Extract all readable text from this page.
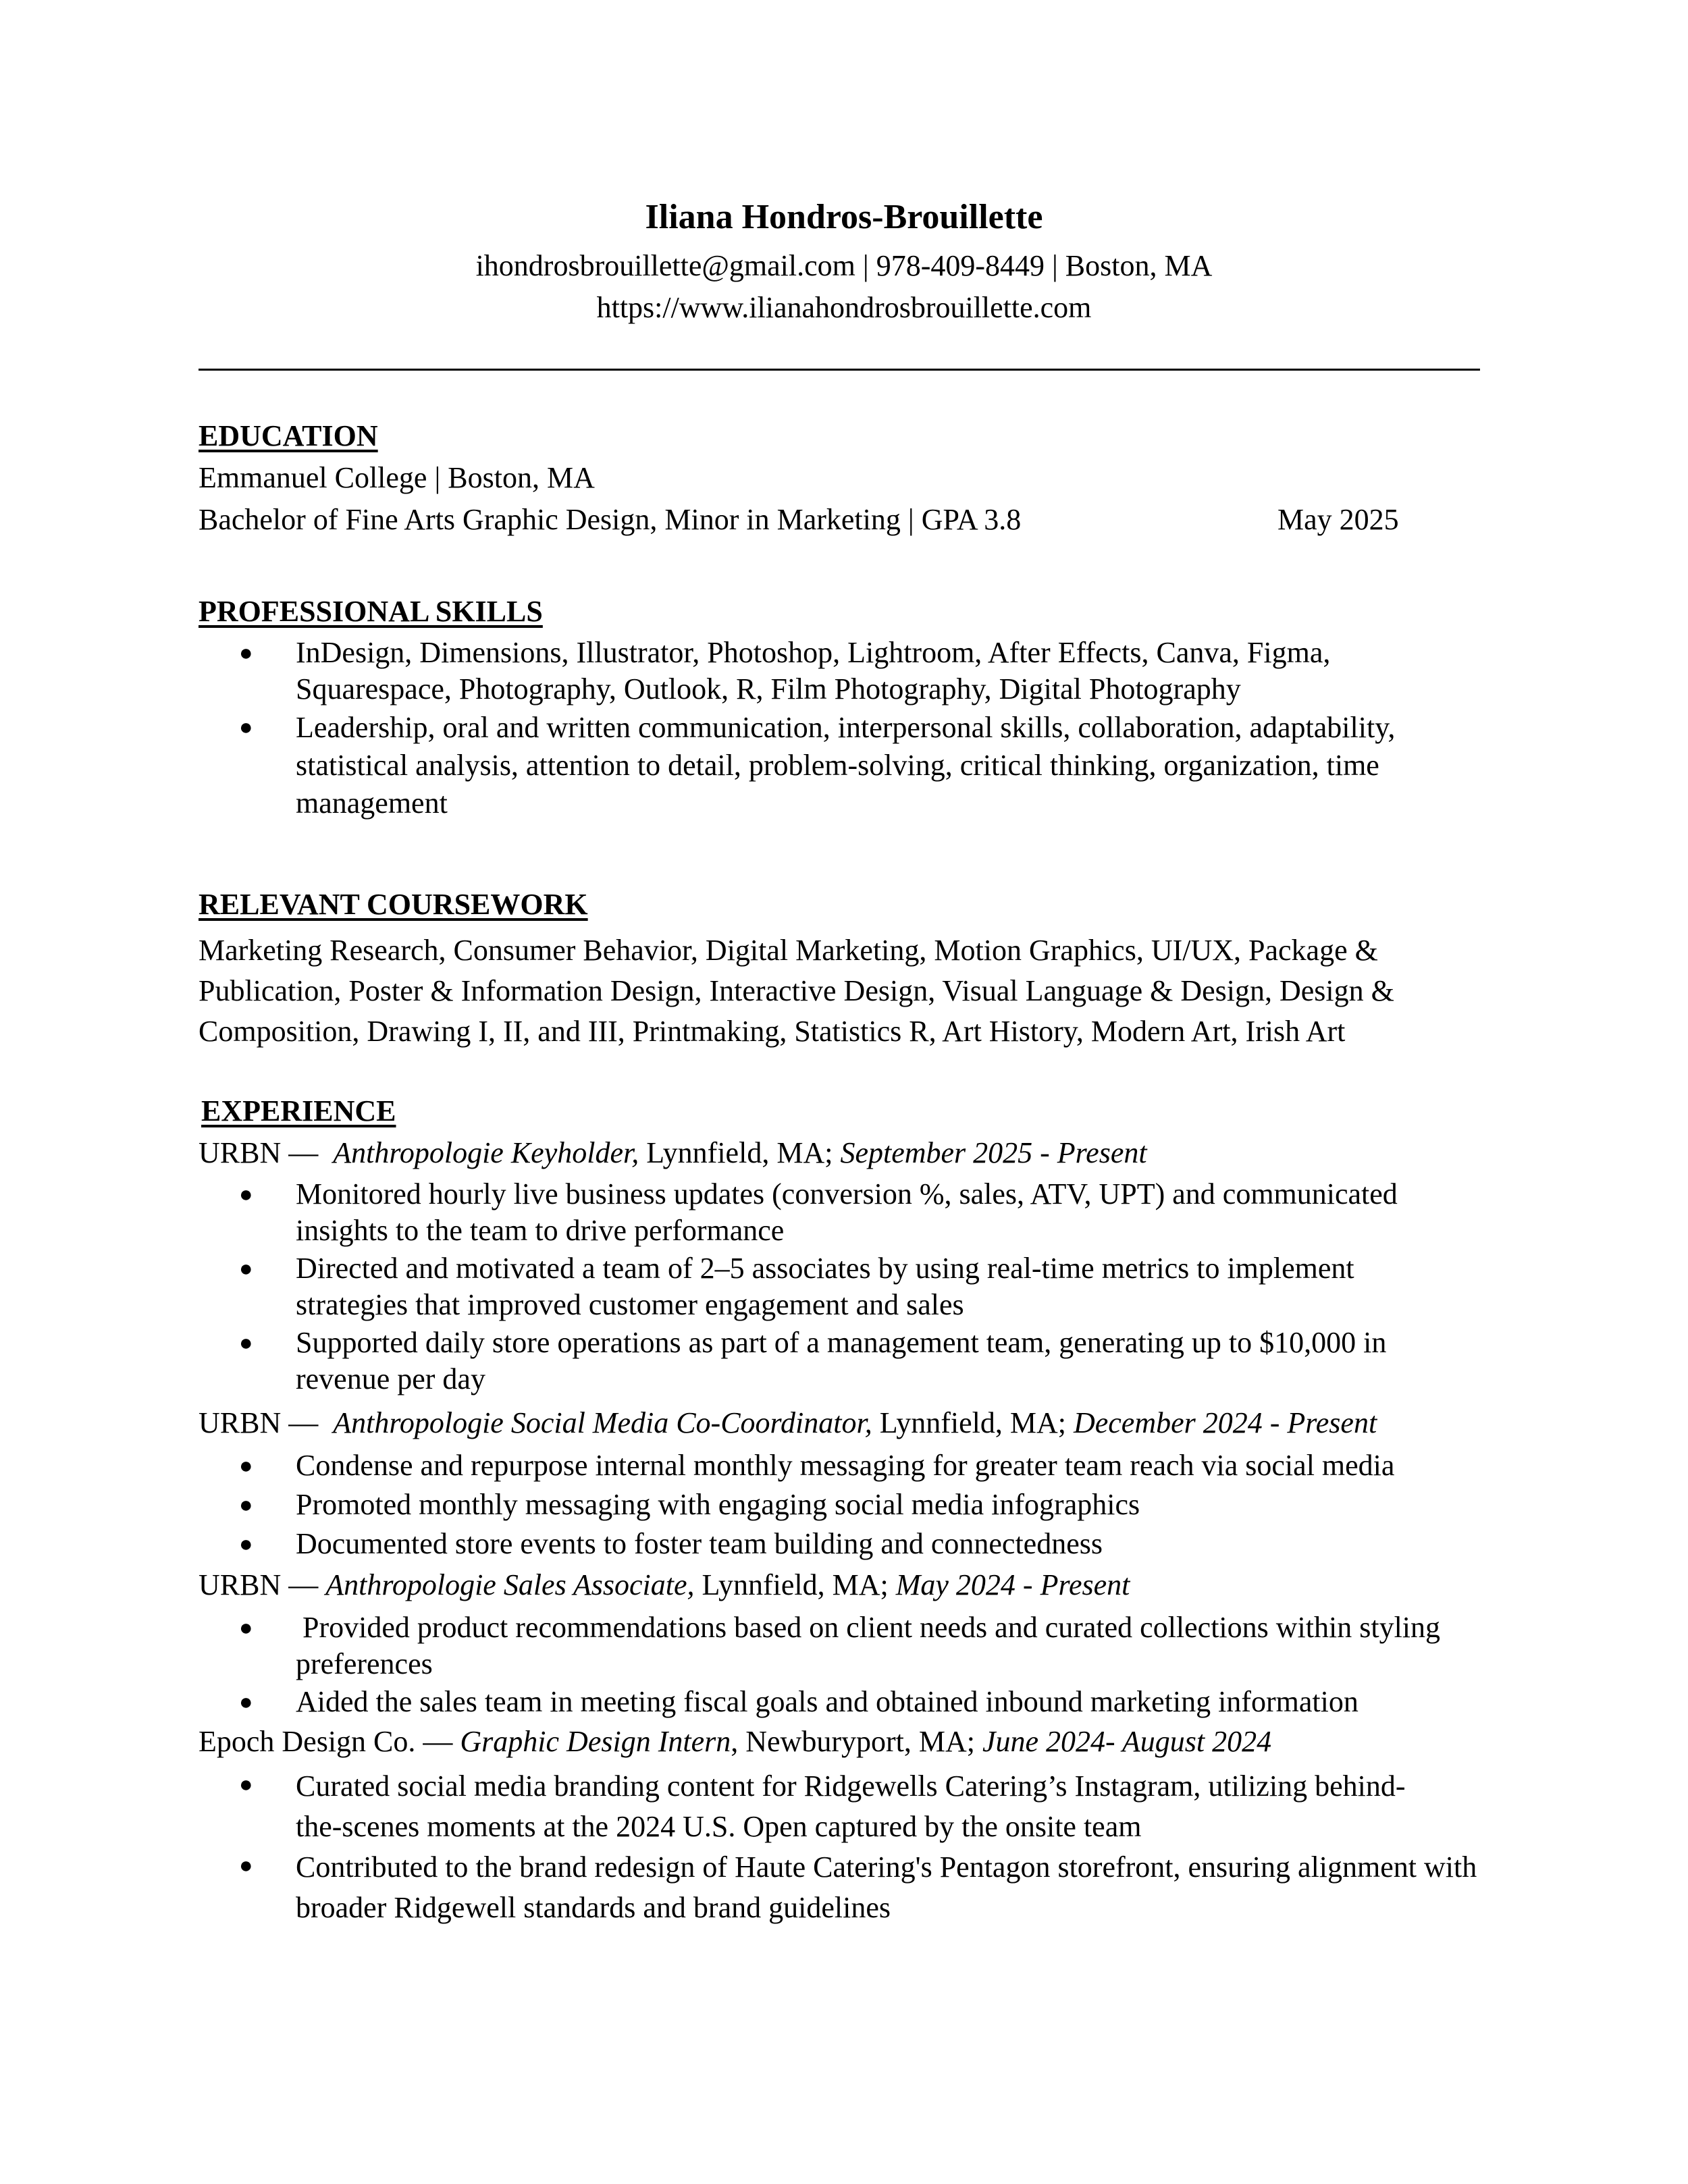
Iliana Hondros-Brouillette
ihondrosbrouillette@gmail.com | 978-409-8449 | Boston, MA
https://www.ilianahondrosbrouillette.com
EDUCATION
Emmanuel College | Boston, MA
Bachelor of Fine Arts Graphic Design, Minor in Marketing | GPA 3.8	May 2025
PROFESSIONAL SKILLS
●	InDesign, Dimensions, Illustrator, Photoshop, Lightroom, After Effects, Canva, Figma, Squarespace, Photography, Outlook, R, Film Photography, Digital Photography
●	Leadership, oral and written communication, interpersonal skills, collaboration, adaptability, statistical analysis, attention to detail, problem-solving, critical thinking, organization, time management
RELEVANT COURSEWORK
Marketing Research, Consumer Behavior, Digital Marketing, Motion Graphics, UI/UX, Package & Publication, Poster & Information Design, Interactive Design, Visual Language & Design, Design & Composition, Drawing I, II, and III, Printmaking, Statistics R, Art History, Modern Art, Irish Art
EXPERIENCE
URBN — Anthropologie Keyholder, Lynnfield, MA; September 2025 - Present
●	Monitored hourly live business updates (conversion %, sales, ATV, UPT) and communicated insights to the team to drive performance
●	Directed and motivated a team of 2–5 associates by using real-time metrics to implement strategies that improved customer engagement and sales
●	Supported daily store operations as part of a management team, generating up to $10,000 in revenue per day
URBN — Anthropologie Social Media Co-Coordinator, Lynnfield, MA; December 2024 - Present
●	Condense and repurpose internal monthly messaging for greater team reach via social media
●	Promoted monthly messaging with engaging social media infographics
●	Documented store events to foster team building and connectedness
URBN — Anthropologie Sales Associate, Lynnfield, MA; May 2024 - Present
●	Provided product recommendations based on client needs and curated collections within styling preferences
●	Aided the sales team in meeting fiscal goals and obtained inbound marketing information
Epoch Design Co. — Graphic Design Intern, Newburyport, MA; June 2024- August 2024
●	Curated social media branding content for Ridgewells Catering’s Instagram, utilizing behind-the-scenes moments at the 2024 U.S. Open captured by the onsite team
●	Contributed to the brand redesign of Haute Catering's Pentagon storefront, ensuring alignment with broader Ridgewell standards and brand guidelines
